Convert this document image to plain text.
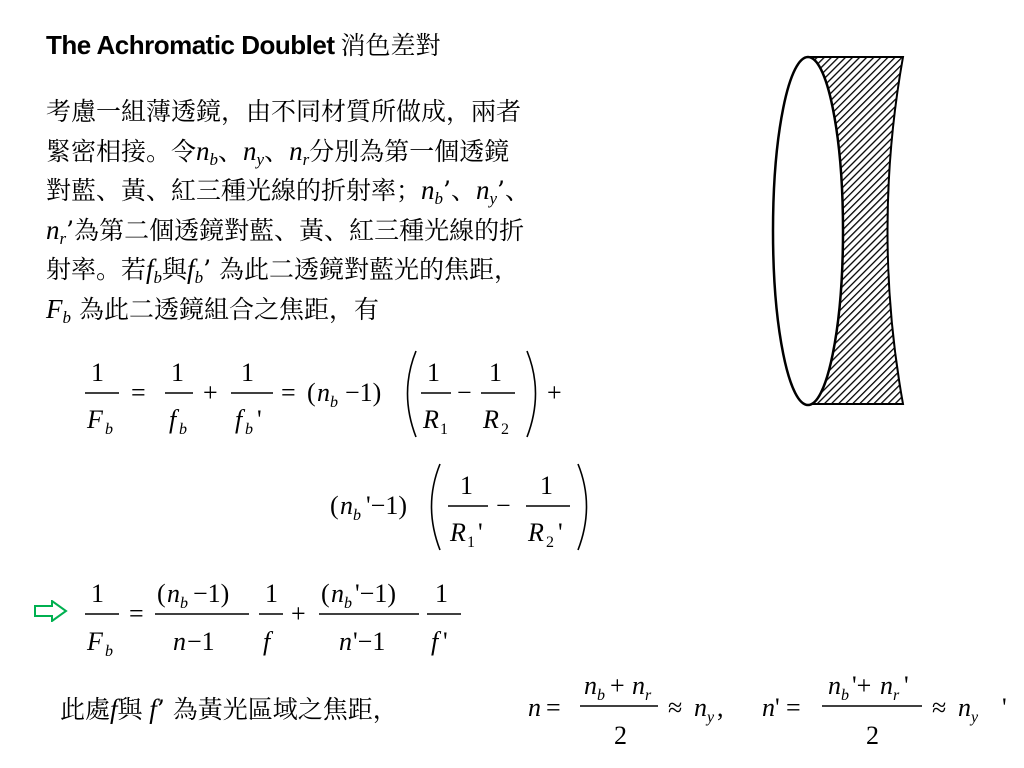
The Achromatic Doublet 消色差對
考慮一組薄透鏡，由不同材質所做成，兩者
緊密相接。令$n_b$、$n_y$、$n_r$分別為第一個透鏡
對藍、黃、紅三種光線的折射率；$n_b$’、$n_y$’、
$n_r$’為第二個透鏡對藍、黃、紅三種光線的折
射率。若$f_b$與$f_b$’ 為此二透鏡對藍光的焦距，
$F_b$ 為此二透鏡組合之焦距，有
1
F b
=
1
f b
+
1
f b '
= ( n b −1)
1
R 1
−
1
R 2
+
( n b '−1)
1
R 1 '
−
1
R 2 '
1
F b
=
( n b −1)
n −1
1
f
+
( n b '−1)
n '−1
1
f '
此處f與 f’ 為黃光區域之焦距，	n =
n b + n r
2
≈ n y , n ' =
n b '+ n r '
2
≈ n y '
